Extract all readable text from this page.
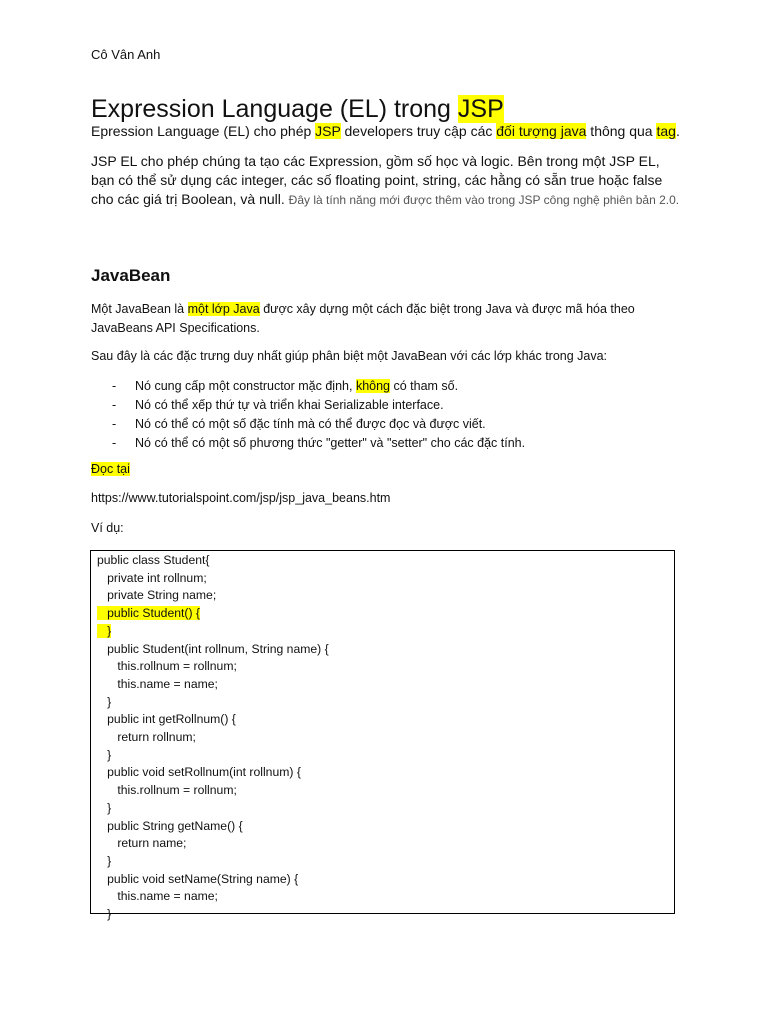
Cô Vân Anh
Expression Language (EL) trong JSP
Epression Language (EL) cho phép JSP developers truy cập các đối tượng java thông qua tag.
JSP EL cho phép chúng ta tạo các Expression, gồm số học và logic. Bên trong một JSP EL, bạn có thể sử dụng các integer, các số floating point, string, các hằng có sẵn true hoặc false cho các giá trị Boolean, và null. Đây là tính năng mới được thêm vào trong JSP công nghệ phiên bản 2.0.
JavaBean
Một JavaBean là một lớp Java được xây dựng một cách đặc biệt trong Java và được mã hóa theo JavaBeans API Specifications.
Sau đây là các đặc trưng duy nhất giúp phân biệt một JavaBean với các lớp khác trong Java:
- Nó cung cấp một constructor mặc định, không có tham số.
- Nó có thể xếp thứ tự và triển khai Serializable interface.
- Nó có thể có một số đặc tính mà có thể được đọc và được viết.
- Nó có thể có một số phương thức "getter" và "setter" cho các đặc tính.
Đọc tại
https://www.tutorialspoint.com/jsp/jsp_java_beans.htm
Ví dụ:
public class Student{
private int rollnum;
private String name;
public Student() {
}
public Student(int rollnum, String name) {
this.rollnum = rollnum;
this.name = name;
}
public int getRollnum() {
return rollnum;
}
public void setRollnum(int rollnum) {
this.rollnum = rollnum;
}
public String getName() {
return name;
}
public void setName(String name) {
this.name = name;
}
